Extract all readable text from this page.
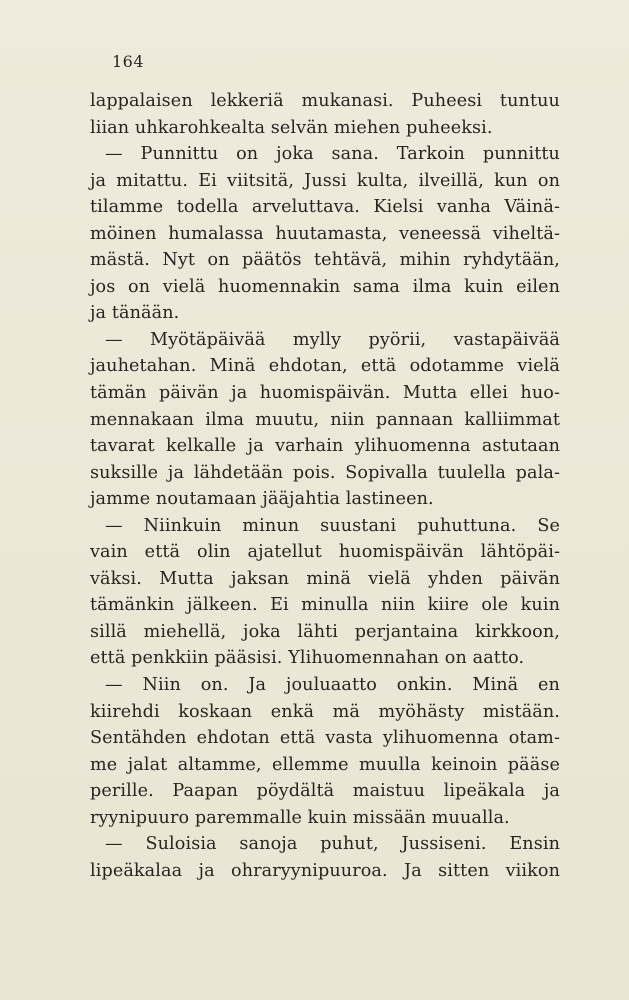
164
lappalaisen lekkeriä mukanasi. Puheesi tuntuu
liian uhkarohkealta selvän miehen puheeksi.
— Punnittu on joka sana. Tarkoin punnittu
ja mitattu. Ei viitsitä, Jussi kulta, ilveillä, kun on
tilamme todella arveluttava. Kielsi vanha Väinä-
möinen humalassa huutamasta, veneessä viheltä-
mästä. Nyt on päätös tehtävä, mihin ryhdytään,
jos on vielä huomennakin sama ilma kuin eilen
ja tänään.
— Myötäpäivää mylly pyörii, vastapäivää
jauhetahan. Minä ehdotan, että odotamme vielä
tämän päivän ja huomispäivän. Mutta ellei huo-
mennakaan ilma muutu, niin pannaan kalliimmat
tavarat kelkalle ja varhain ylihuomenna astutaan
suksille ja lähdetään pois. Sopivalla tuulella pala-
jamme noutamaan jääjahtia lastineen.
— Niinkuin minun suustani puhuttuna. Se
vain että olin ajatellut huomispäivän lähtöpäi-
väksi. Mutta jaksan minä vielä yhden päivän
tämänkin jälkeen. Ei minulla niin kiire ole kuin
sillä miehellä, joka lähti perjantaina kirkkoon,
että penkkiin pääsisi. Ylihuomennahan on aatto.
— Niin on. Ja jouluaatto onkin. Minä en
kiirehdi koskaan enkä mä myöhästy mistään.
Sentähden ehdotan että vasta ylihuomenna otam-
me jalat altamme, ellemme muulla keinoin pääse
perille. Paapan pöydältä maistuu lipeäkala ja
ryynipuuro paremmalle kuin missään muualla.
— Suloisia sanoja puhut, Jussiseni. Ensin
lipeäkalaa ja ohraryynipuuroa. Ja sitten viikon
